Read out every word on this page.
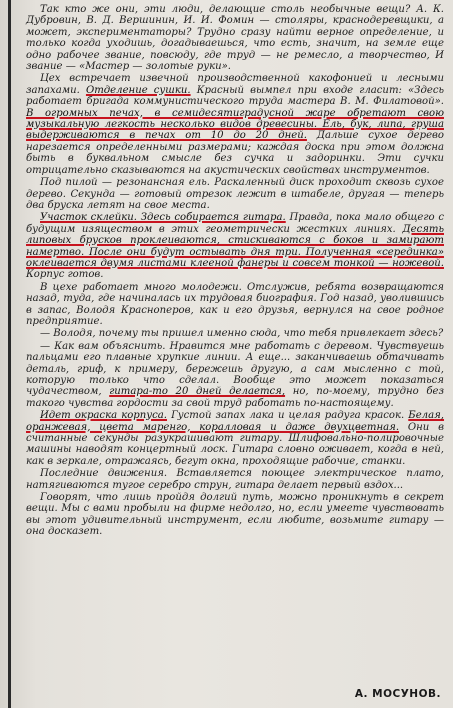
Так кто же они, эти люди, делающие столь необычные вещи? А. К. Дубровин, В. Д. Вершинин, И. И. Фомин — столяры, краснодеревщики, а может, экспериментаторы? Трудно сразу найти верное определение, и только когда уходишь, догадываешься, что есть, значит, на земле еще одно рабочее звание, повсюду, где труд — не ремесло, а творчество, И звание — «Мастер — золотые руки».

Цех встречает извечной производственной какофонией и лесными запахами. Отделение сушки. Красный вымпел при входе гласит: «Здесь работает бригада коммунистического труда мастера В. М. Филатовой». В огромных печах, в семидесятиградусной жаре обретают свою музыкальную легкость несколько видов древесины. Ель, бук, липа, груша выдерживаются в печах от 10 до 20 дней. Дальше сухое дерево нарезается определенными размерами; каждая доска при этом должна быть в буквальном смысле без сучка и задоринки. Эти сучки отрицательно сказываются на акустических свойствах инструментов.

Под пилой — резонансная ель. Раскаленный диск проходит сквозь сухое дерево. Секунда — готовый отрезок лежит в штабеле, другая — теперь два бруска летят на свое места.

Участок склейки. Здесь собирается гитара. Правда, пока мало общего с будущим изяществом в этих геометрически жестких линиях. Десять липовых брусков проклеиваются, стискиваются с боков и замирают намертво. После они будут остывать дня три. Полученная «серединка» оклеивается двумя листами клееной фанеры и совсем тонкой — ножевой. Корпус готов.

В цехе работает много молодежи. Отслужив, ребята возвращаются назад, туда, где начиналась их трудовая биография. Год назад, уволившись в запас, Володя Красноперов, как и его друзья, вернулся на свое родное предприятие.

— Володя, почему ты пришел именно сюда, что тебя привлекает здесь?

— Как вам объяснить. Нравится мне работать с деревом. Чувствуешь пальцами его плавные хрупкие линии. А еще... заканчиваешь обтачивать деталь, гриф, к примеру, бережешь другую, а сам мысленно с той, которую только что сделал. Вообще это может показаться чудачеством, гитара-то 20 дней делается, но, по-моему, трудно без такого чувства гордости за свой труд работать по-настоящему.

Идет окраска корпуса. Густой запах лака и целая радуга красок. Белая, оранжевая, цвета маренго, коралловая и даже двухцветная. Они в считанные секунды разукрашивают гитару. Шлифовально-полировочные машины наводят концертный лоск. Гитара словно оживает, когда в ней, как в зеркале, отражаясь, бегут окна, проходящие рабочие, станки.

Последние движения. Вставляется поющее электрическое плато, натягиваются тугое серебро струн, гитара делает первый вздох...

Говорят, что лишь пройдя долгий путь, можно проникнуть в секрет вещи. Мы с вами пробыли на фирме недолго, но, если умеете чувствовать вы этот удивительный инструмент, если любите, возьмите гитару — она досказет.

А. МОСУНОВ.
